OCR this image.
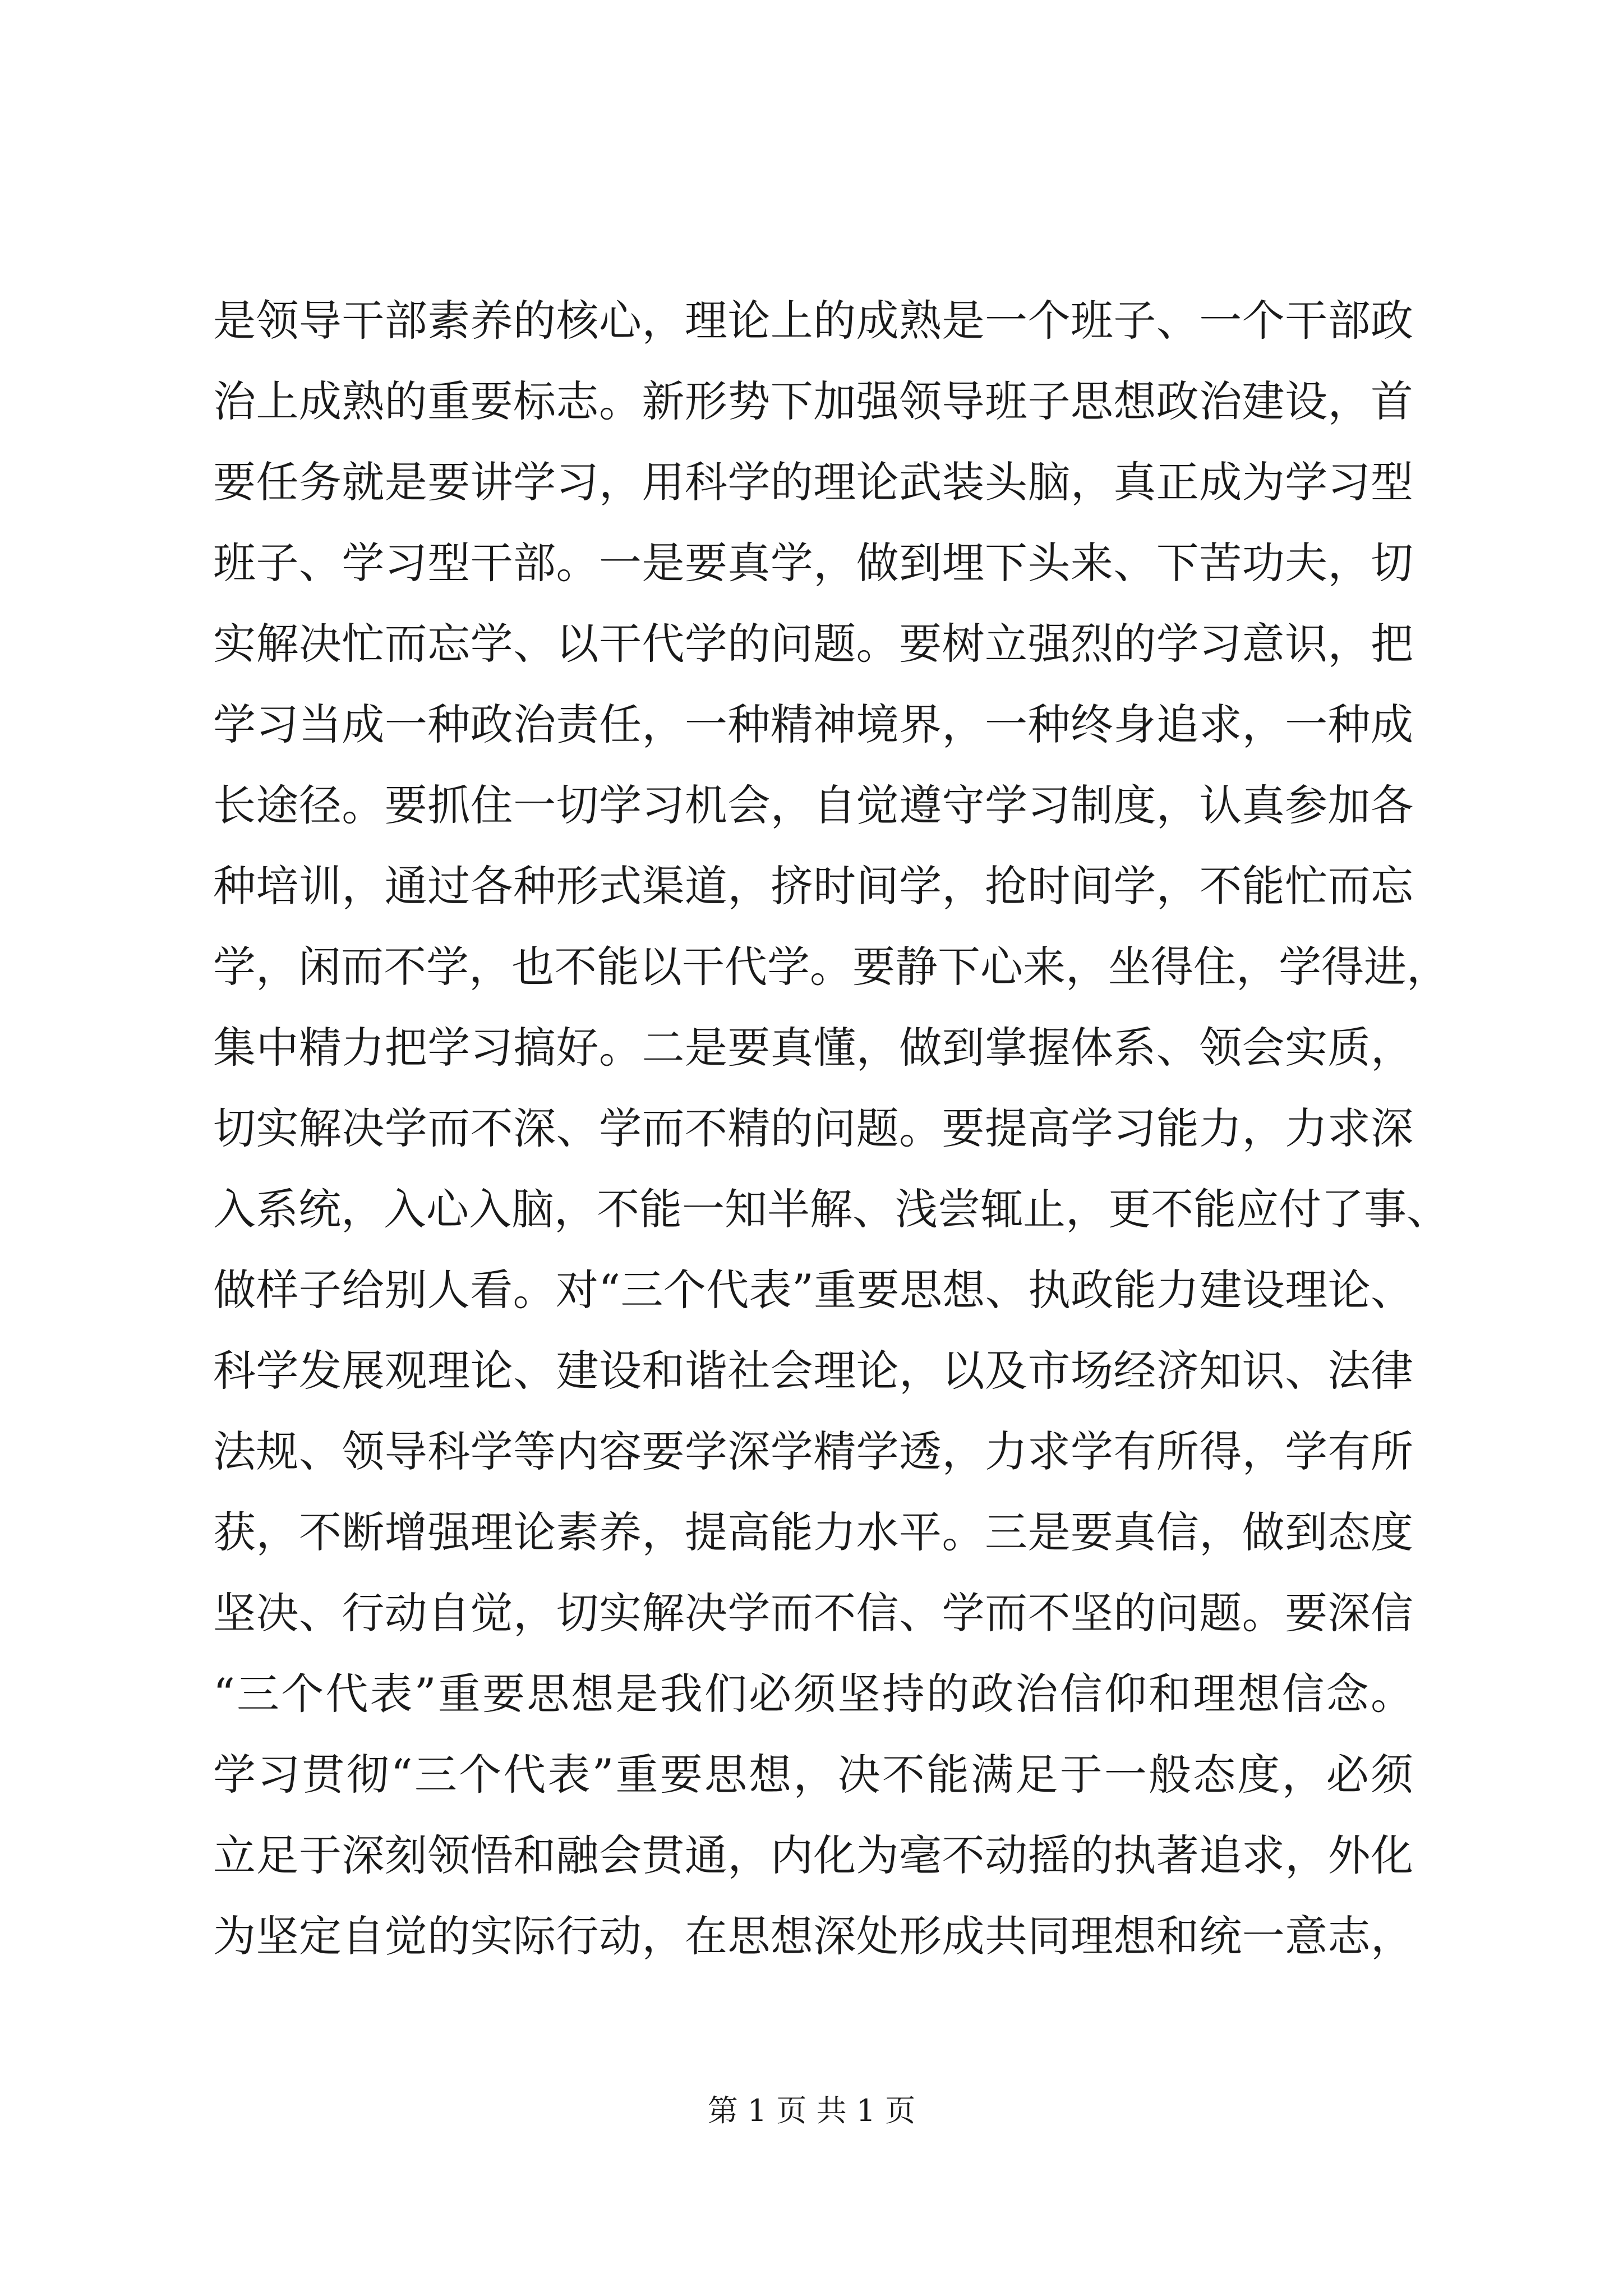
是领导干部素养的核心，理论上的成熟是一个班子、一个干部政
治上成熟的重要标志。新形势下加强领导班子思想政治建设，首
要任务就是要讲学习，用科学的理论武装头脑，真正成为学习型
班子、学习型干部。一是要真学，做到埋下头来、下苦功夫，切
实解决忙而忘学、以干代学的问题。要树立强烈的学习意识，把
学习当成一种政治责任，一种精神境界，一种终身追求，一种成
长途径。要抓住一切学习机会，自觉遵守学习制度，认真参加各
种培训，通过各种形式渠道，挤时间学，抢时间学，不能忙而忘
学，闲而不学，也不能以干代学。要静下心来，坐得住，学得进，
集中精力把学习搞好。二是要真懂，做到掌握体系、领会实质，
切实解决学而不深、学而不精的问题。要提高学习能力，力求深
入系统，入心入脑，不能一知半解、浅尝辄止，更不能应付了事、
做样子给别人看。对“三个代表”重要思想、执政能力建设理论、
科学发展观理论、建设和谐社会理论，以及市场经济知识、法律
法规、领导科学等内容要学深学精学透，力求学有所得，学有所
获，不断增强理论素养，提高能力水平。三是要真信，做到态度
坚决、行动自觉，切实解决学而不信、学而不坚的问题。要深信
“三个代表”重要思想是我们必须坚持的政治信仰和理想信念。
学习贯彻“三个代表”重要思想，决不能满足于一般态度，必须
立足于深刻领悟和融会贯通，内化为毫不动摇的执著追求，外化
为坚定自觉的实际行动，在思想深处形成共同理想和统一意志，
第 1 页 共 1 页
